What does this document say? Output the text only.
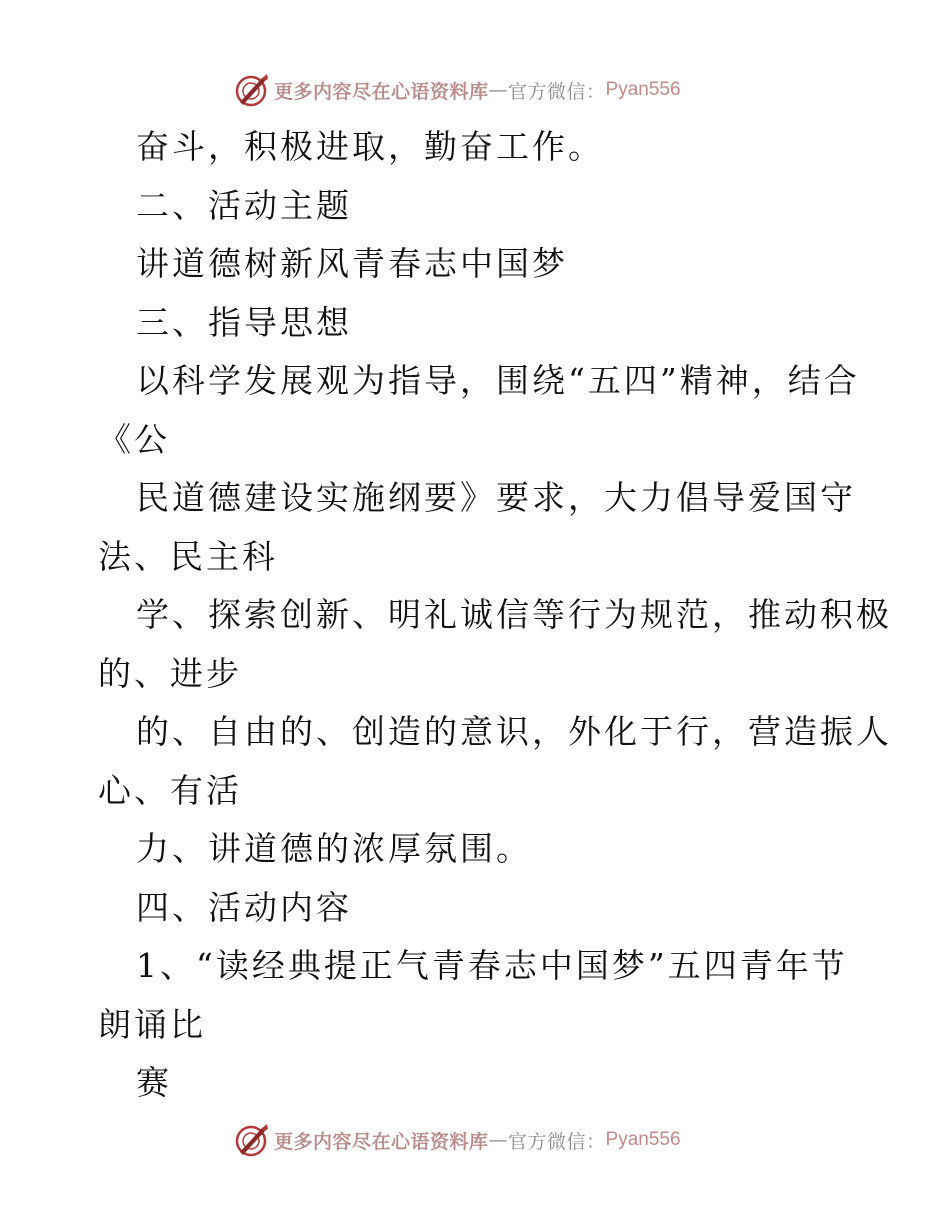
更多内容尽在心语资料库 — 官方微信： Pyan556
奋斗，积极进取，勤奋工作。
二、活动主题
讲道德树新风青春志中国梦
三、指导思想
以科学发展观为指导，围绕“五四”精神，结合
《公
民道德建设实施纲要》要求，大力倡导爱国守
法、民主科
学、探索创新、明礼诚信等行为规范，推动积极
的、进步
的、自由的、创造的意识，外化于行，营造振人
心、有活
力、讲道德的浓厚氛围。
四、活动内容
1、“读经典提正气青春志中国梦”五四青年节
朗诵比
赛
更多内容尽在心语资料库 — 官方微信： Pyan556
